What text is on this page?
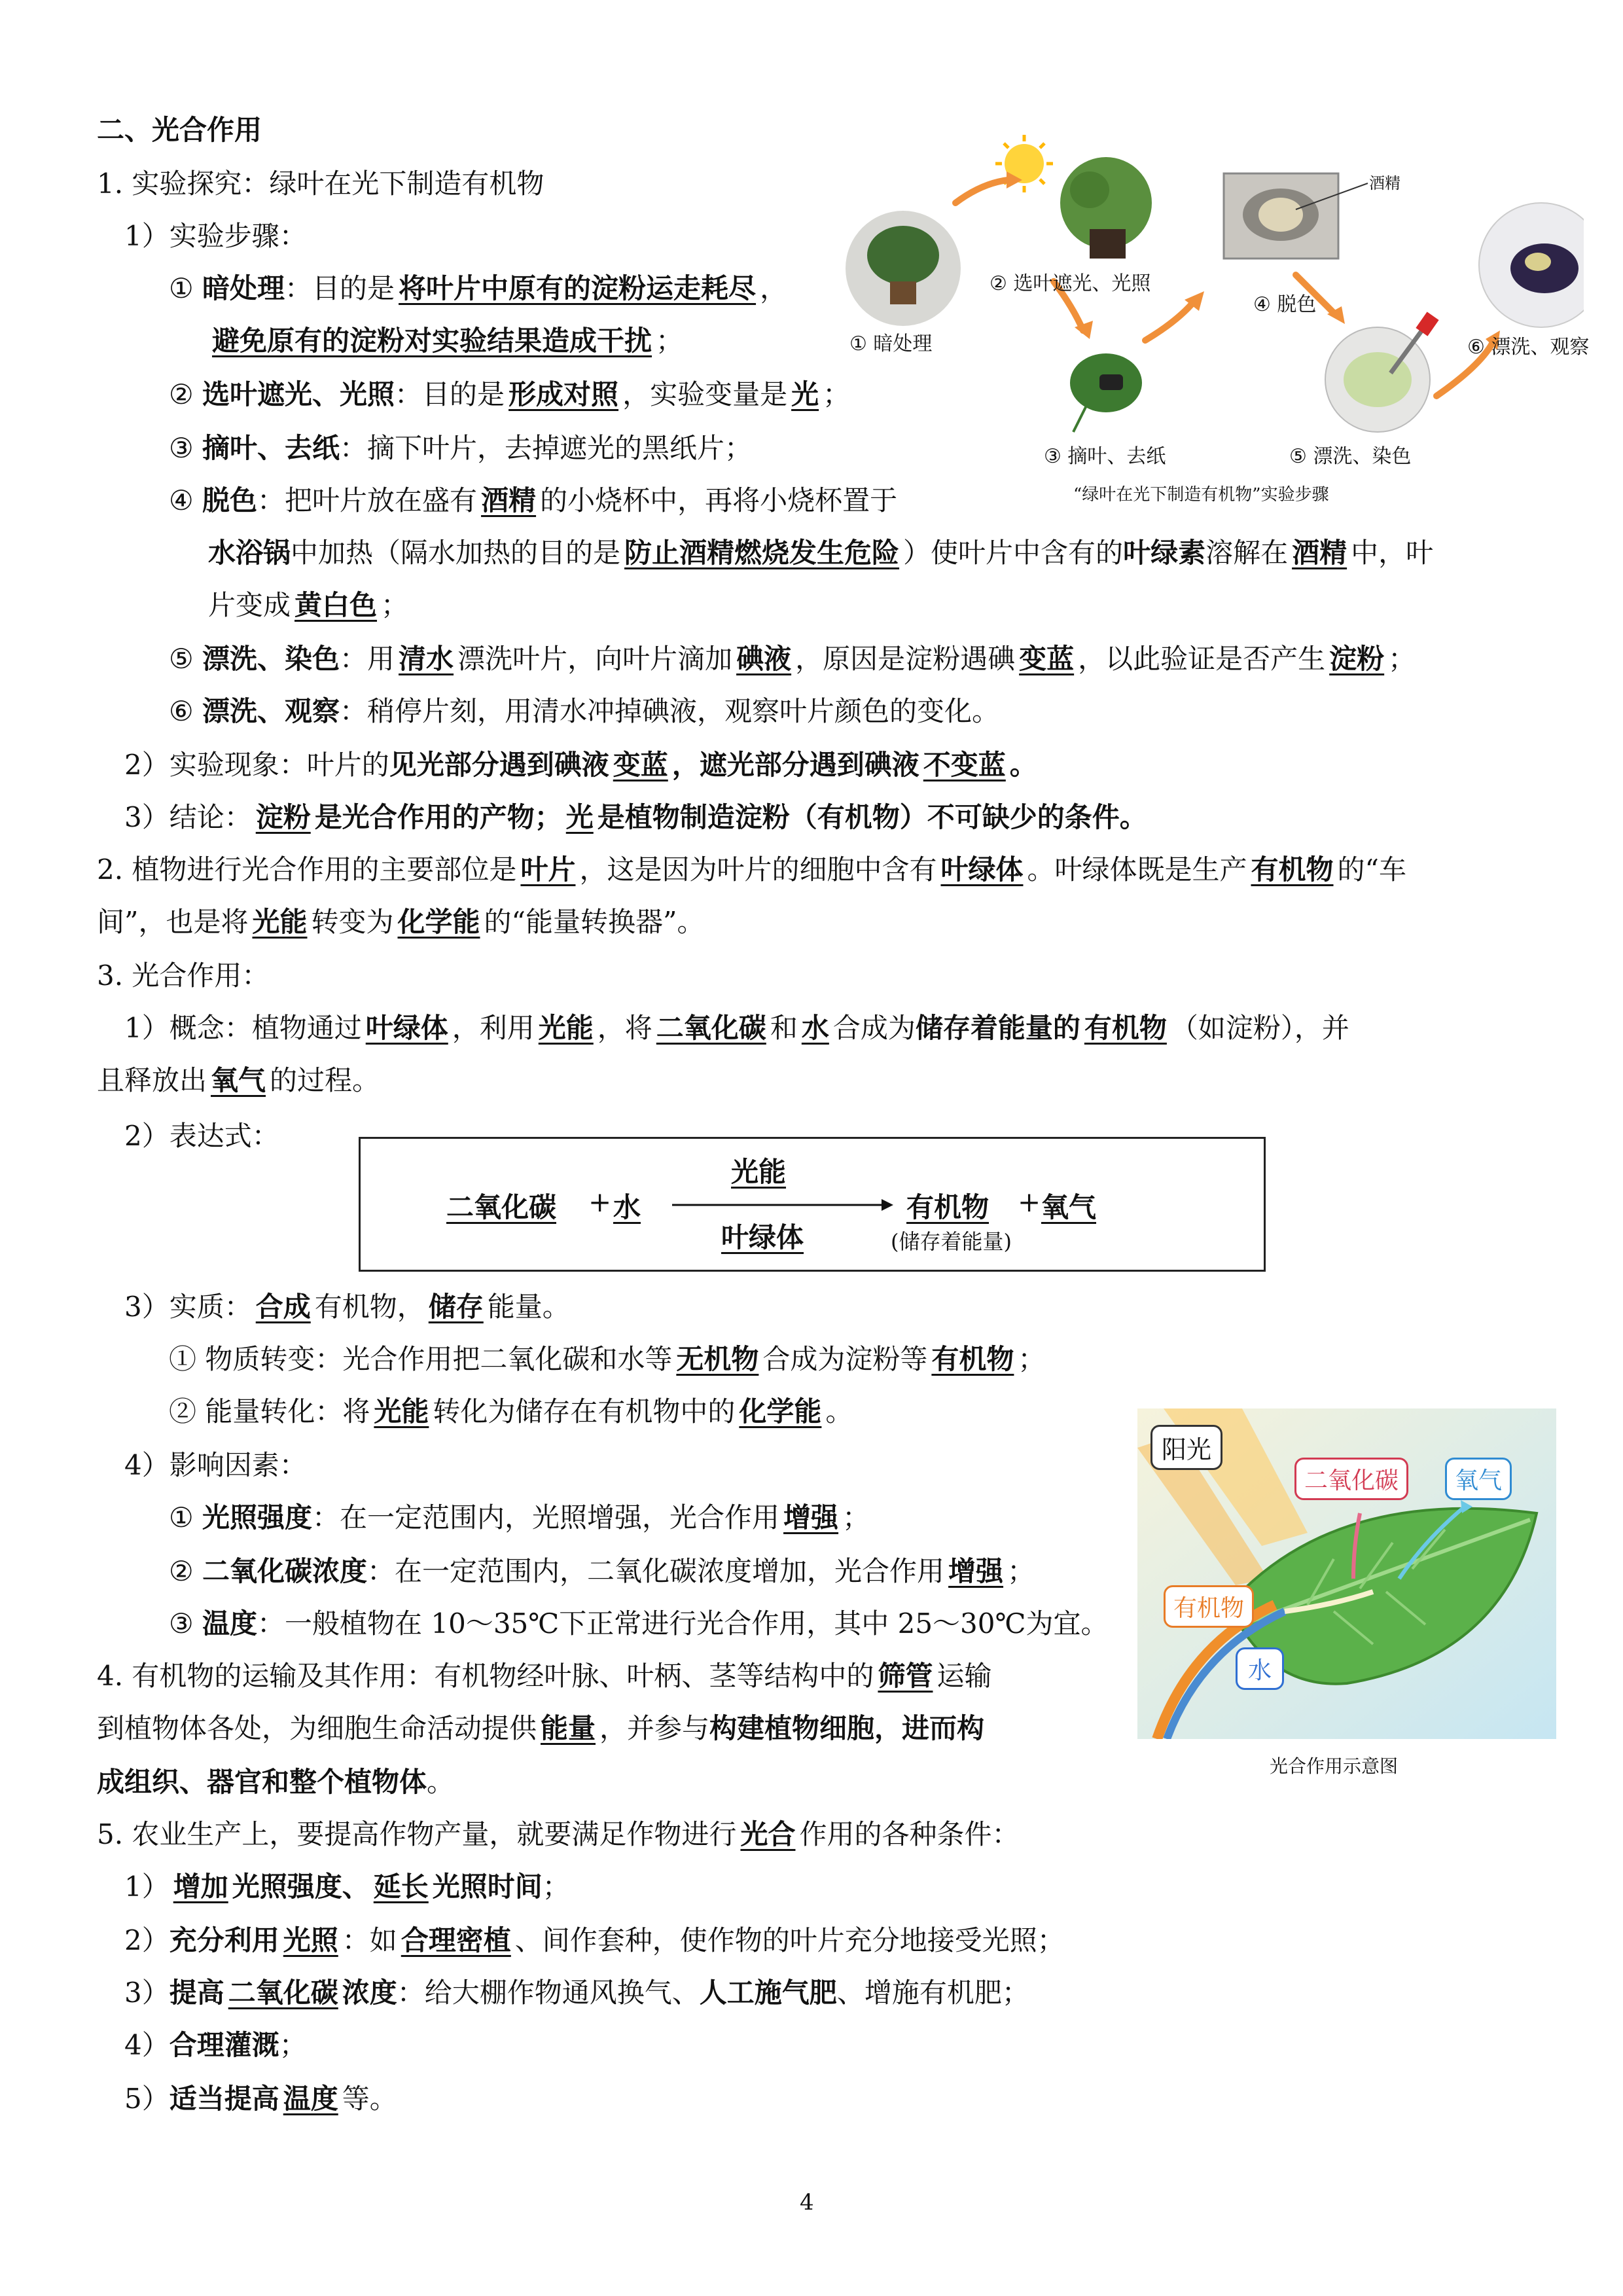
二、光合作用
1. 实验探究：绿叶在光下制造有机物
1）实验步骤：
① 暗处理：目的是 将叶片中原有的淀粉运走耗尽 ，
避免原有的淀粉对实验结果造成干扰 ；
② 选叶遮光、光照：目的是 形成对照 ，实验变量是 光 ；
③ 摘叶、去纸：摘下叶片，去掉遮光的黑纸片；
④ 脱色：把叶片放在盛有 酒精 的小烧杯中，再将小烧杯置于
水浴锅中加热（隔水加热的目的是 防止酒精燃烧发生危险 ）使叶片中含有的叶绿素溶解在 酒精 中，叶
片变成 黄白色 ；
⑤ 漂洗、染色：用 清水 漂洗叶片，向叶片滴加 碘液 ，原因是淀粉遇碘 变蓝 ，以此验证是否产生 淀粉 ；
⑥ 漂洗、观察：稍停片刻，用清水冲掉碘液，观察叶片颜色的变化。
2）实验现象：叶片的见光部分遇到碘液 变蓝 ，遮光部分遇到碘液 不变蓝 。
3）结论： 淀粉 是光合作用的产物； 光 是植物制造淀粉（有机物）不可缺少的条件。
2. 植物进行光合作用的主要部位是 叶片 ，这是因为叶片的细胞中含有 叶绿体 。叶绿体既是生产 有机物 的“车
间”，也是将 光能 转变为 化学能 的“能量转换器”。
3. 光合作用：
1）概念：植物通过 叶绿体 ，利用 光能 ，将 二氧化碳 和 水 合成为储存着能量的 有机物 （如淀粉），并
且释放出 氧气 的过程。
2）表达式：
二氧化碳 + 水
光能
叶绿体
有机物 + 氧气
(储存着能量)
3）实质： 合成 有机物， 储存 能量。
① 物质转变：光合作用把二氧化碳和水等 无机物 合成为淀粉等 有机物 ；
② 能量转化：将 光能 转化为储存在有机物中的 化学能 。
4）影响因素：
① 光照强度：在一定范围内，光照增强，光合作用 增强 ；
② 二氧化碳浓度：在一定范围内，二氧化碳浓度增加，光合作用 增强 ；
③ 温度：一般植物在 10～35℃下正常进行光合作用，其中 25～30℃为宜。
4. 有机物的运输及其作用：有机物经叶脉、叶柄、茎等结构中的 筛管 运输
到植物体各处，为细胞生命活动提供 能量 ，并参与构建植物细胞，进而构
成组织、器官和整个植物体。
5. 农业生产上，要提高作物产量，就要满足作物进行 光合 作用的各种条件：
1） 增加 光照强度、 延长 光照时间；
2）充分利用 光照 ：如 合理密植 、间作套种，使作物的叶片充分地接受光照；
3）提高 二氧化碳 浓度：给大棚作物通风换气、人工施气肥、增施有机肥；
4）合理灌溉；
5）适当提高 温度 等。
4
① 暗处理
② 选叶遮光、光照
③ 摘叶、去纸
④ 脱色
⑤ 漂洗、染色
⑥ 漂洗、观察
酒精
“绿叶在光下制造有机物”实验步骤
阳光
二氧化碳	氧气
有机物
水
光合作用示意图
